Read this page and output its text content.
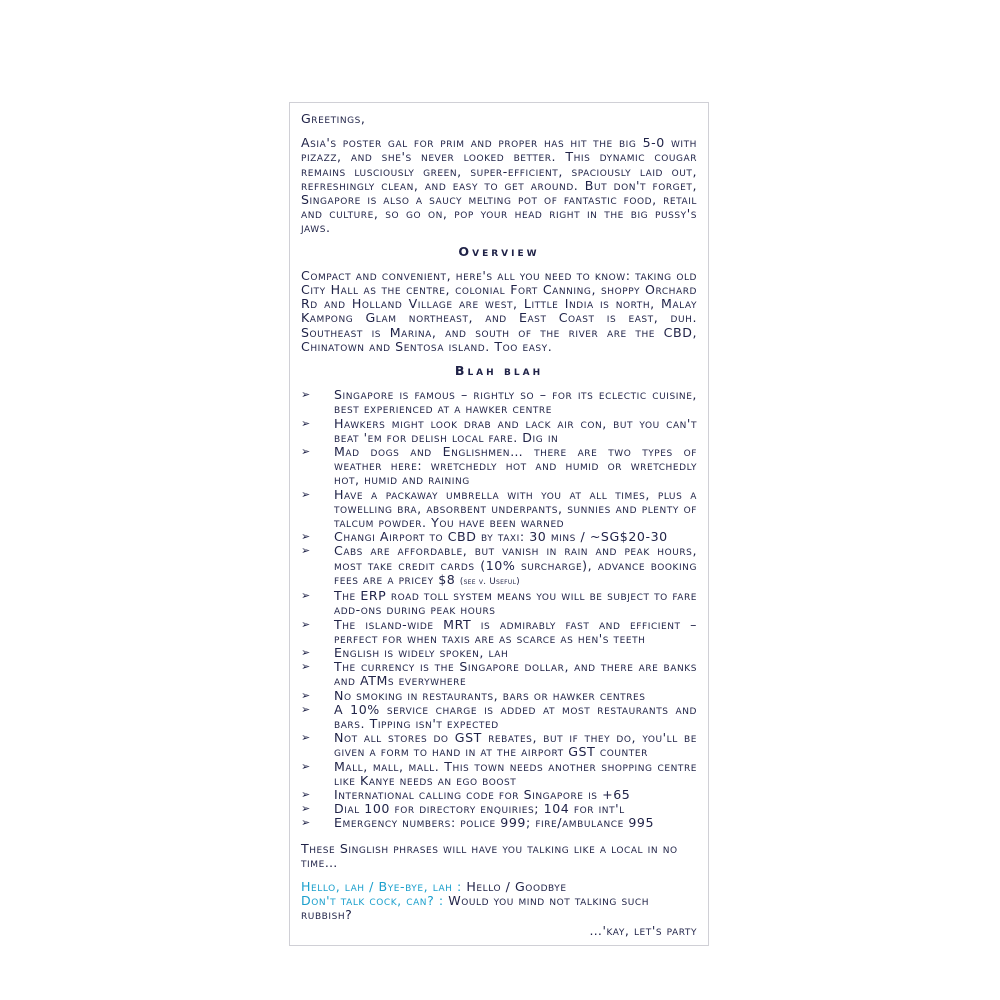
Greetings,

Asia's poster gal for prim and proper has hit the big 5-0 with pizazz, and she's never looked better. This dynamic cougar remains lusciously green, super-efficient, spaciously laid out, refreshingly clean, and easy to get around. But don't forget, Singapore is also a saucy melting pot of fantastic food, retail and culture, so go on, pop your head right in the big pussy's jaws.

Overview

Compact and convenient, here's all you need to know: taking old City Hall as the centre, colonial Fort Canning, shoppy Orchard Rd and Holland Village are west, Little India is north, Malay Kampong Glam northeast, and East Coast is east, duh. Southeast is Marina, and south of the river are the CBD, Chinatown and Sentosa island. Too easy.

Blah blah
➢ Singapore is famous – rightly so – for its eclectic cuisine, best experienced at a hawker centre
➢ Hawkers might look drab and lack air con, but you can't beat 'em for delish local fare. Dig in
➢ Mad dogs and Englishmen… there are two types of weather here: wretchedly hot and humid or wretchedly hot, humid and raining
➢ Have a packaway umbrella with you at all times, plus a towelling bra, absorbent underpants, sunnies and plenty of talcum powder. You have been warned
➢ Changi Airport to CBD by taxi: 30 mins / ~SG$20-30
➢ Cabs are affordable, but vanish in rain and peak hours, most take credit cards (10% surcharge), advance booking fees are a pricey $8 (see v. Useful)
➢ The ERP road toll system means you will be subject to fare add-ons during peak hours
➢ The island-wide MRT is admirably fast and efficient – perfect for when taxis are as scarce as hen's teeth
➢ English is widely spoken, lah
➢ The currency is the Singapore dollar, and there are banks and ATMs everywhere
➢ No smoking in restaurants, bars or hawker centres
➢ A 10% service charge is added at most restaurants and bars. Tipping isn't expected
➢ Not all stores do GST rebates, but if they do, you'll be given a form to hand in at the airport GST counter
➢ Mall, mall, mall. This town needs another shopping centre like Kanye needs an ego boost
➢ International calling code for Singapore is +65
➢ Dial 100 for directory enquiries; 104 for int'l
➢ Emergency numbers: police 999; fire/ambulance 995

These Singlish phrases will have you talking like a local in no time…

Hello, lah / Bye-bye, lah : Hello / Goodbye

Don't talk cock, can? : Would you mind not talking such rubbish?

…'kay, let's party
